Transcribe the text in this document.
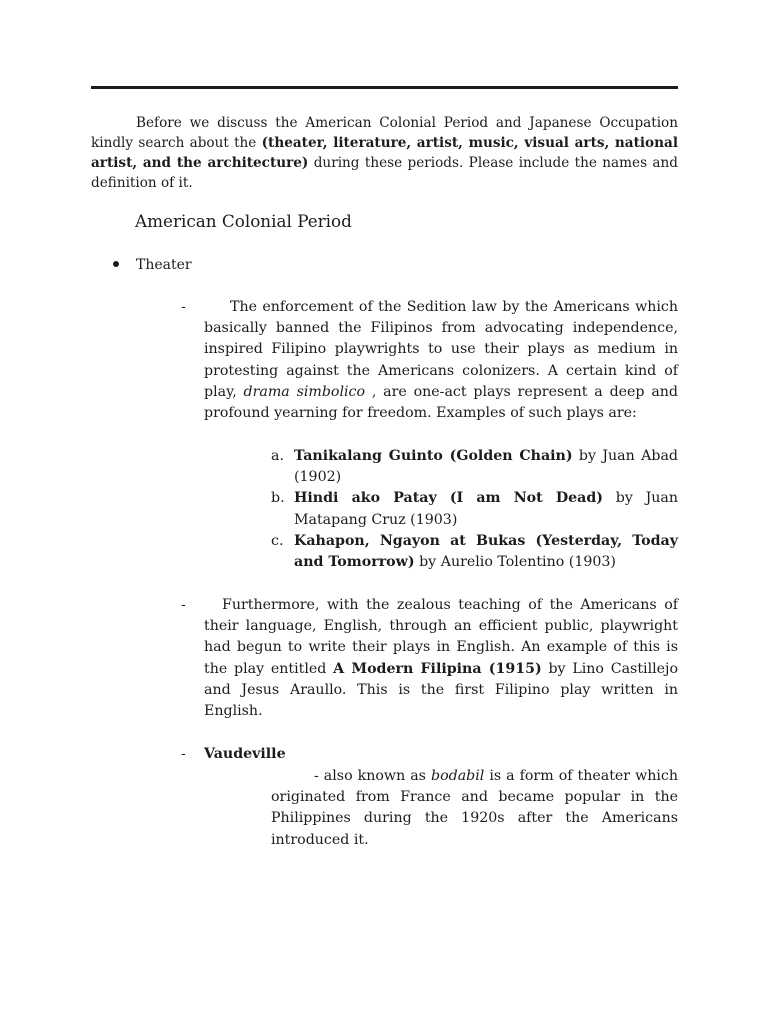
Before we discuss the American Colonial Period and Japanese Occupation kindly search about the (theater, literature, artist, music, visual arts, national artist, and the architecture) during these periods. Please include the names and definition of it.

American Colonial Period
Theater
-	The enforcement of the Sedition law by the Americans which basically banned the Filipinos from advocating independence, inspired Filipino playwrights to use their plays as medium in protesting against the Americans colonizers. A certain kind of play, drama simbolico , are one-act plays represent a deep and profound yearning for freedom. Examples of such plays are:

a. Tanikalang Guinto (Golden Chain) by Juan Abad (1902)
b. Hindi ako Patay (I am Not Dead) by Juan Matapang Cruz (1903)
c. Kahapon, Ngayon at Bukas (Yesterday, Today and Tomorrow) by Aurelio Tolentino (1903)
-	Furthermore, with the zealous teaching of the Americans of their language, English, through an efficient public, playwright had begun to write their plays in English. An example of this is the play entitled A Modern Filipina (1915) by Lino Castillejo and Jesus Araullo. This is the first Filipino play written in English.

- Vaudeville

- also known as bodabil is a form of theater which originated from France and became popular in the Philippines during the 1920s after the Americans introduced it.
